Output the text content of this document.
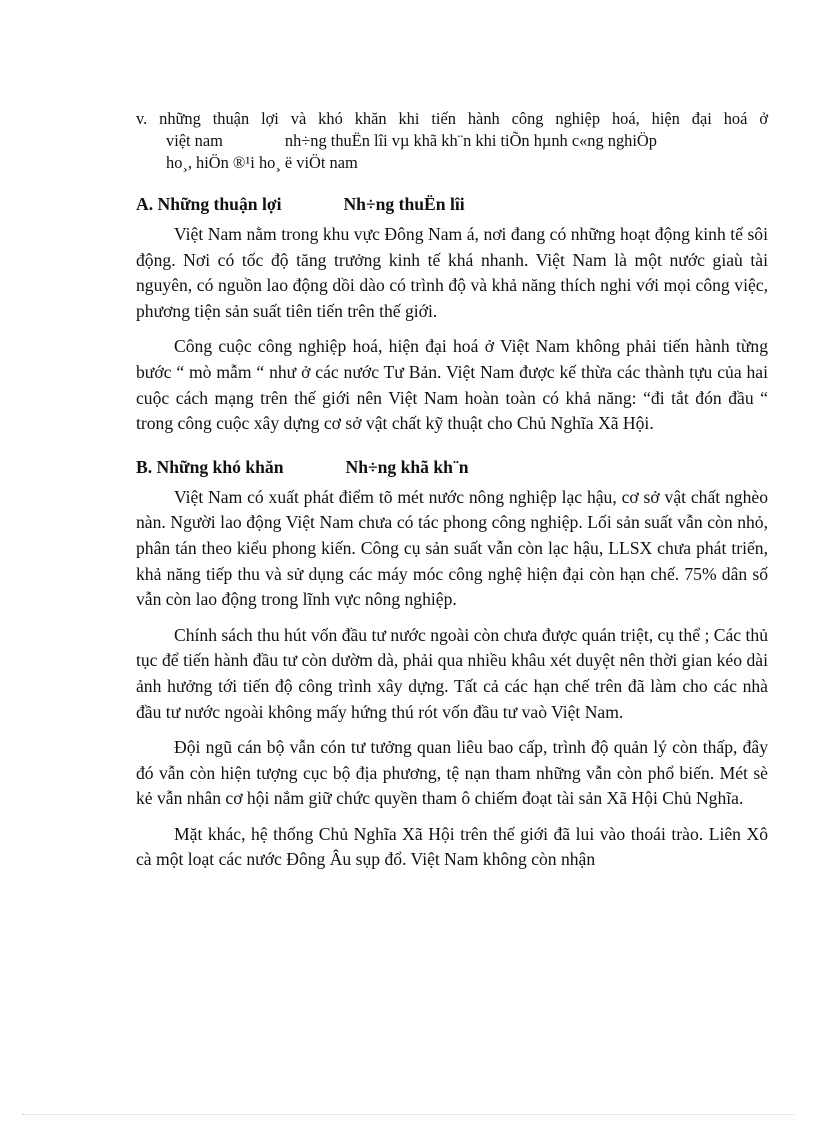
v. những thuận lợi và khó khăn khi tiến hành công nghiệp hoá, hiện đại hoá ở
việt nam	nh÷ng thuËn lîi vµ khã kh¨n khi tiÕn hµnh c«ng nghiÖp
ho¸, hiÖn ®¹i ho¸ ë viÖt nam
A. Những thuận lợi	Nh÷ng thuËn lîi

Việt Nam nằm trong khu vực Đông Nam á, nơi đang có những hoạt động kinh tế sôi động. Nơi có tốc độ tăng trưởng kinh tế khá nhanh. Việt Nam là một nước giaù tài nguyên, có nguồn lao động dồi dào có trình độ và khả năng thích nghi với mọi công việc, phương tiện sản suất tiên tiến trên thế giới.

Công cuộc công nghiệp hoá, hiện đại hoá ở Việt Nam không phải tiến hành từng bước “ mò mẫm “ như ở các nước Tư Bản. Việt Nam được kế thừa các thành tựu của hai cuộc cách mạng trên thế giới nên Việt Nam hoàn toàn có khả năng: “đi tắt đón đầu “ trong công cuộc xây dựng cơ sở vật chất kỹ thuật cho Chủ Nghĩa Xã Hội.

B. Những khó khăn	Nh÷ng khã kh¨n

Việt Nam có xuất phát điểm tõ mét nước nông nghiệp lạc hậu, cơ sở vật chất nghèo nàn. Người lao động Việt Nam chưa có tác phong công nghiệp. Lối sản suất vẫn còn nhỏ, phân tán theo kiểu phong kiến. Công cụ sản suất vẫn còn lạc hậu, LLSX chưa phát triển, khả năng tiếp thu và sử dụng các máy móc công nghệ hiện đại còn hạn chế. 75% dân số vẫn còn lao động trong lĩnh vực nông nghiệp.

Chính sách thu hút vốn đầu tư nước ngoài còn chưa được quán triệt, cụ thể ; Các thủ tục để tiến hành đầu tư còn dườm dà, phải qua nhiều khâu xét duyệt nên thời gian kéo dài ảnh hưởng tới tiến độ công trình xây dựng. Tất cả các hạn chế trên đã làm cho các nhà đầu tư nước ngoài không mấy hứng thú rót vốn đầu tư vaò Việt Nam.

Đội ngũ cán bộ vẫn cón tư tưởng quan liêu bao cấp, trình độ quản lý còn thấp, đây đó vẫn còn hiện tượng cục bộ địa phương, tệ nạn tham những vẫn còn phổ biến. Mét sè kẻ vẫn nhân cơ hội nắm giữ chức quyền tham ô chiếm đoạt tài sản Xã Hội Chủ Nghĩa.

Mặt khác, hệ thống Chủ Nghĩa Xã Hội trên thế giới đã lui vào thoái trào. Liên Xô cà một loạt các nước Đông Âu sụp đổ. Việt Nam không còn nhận
